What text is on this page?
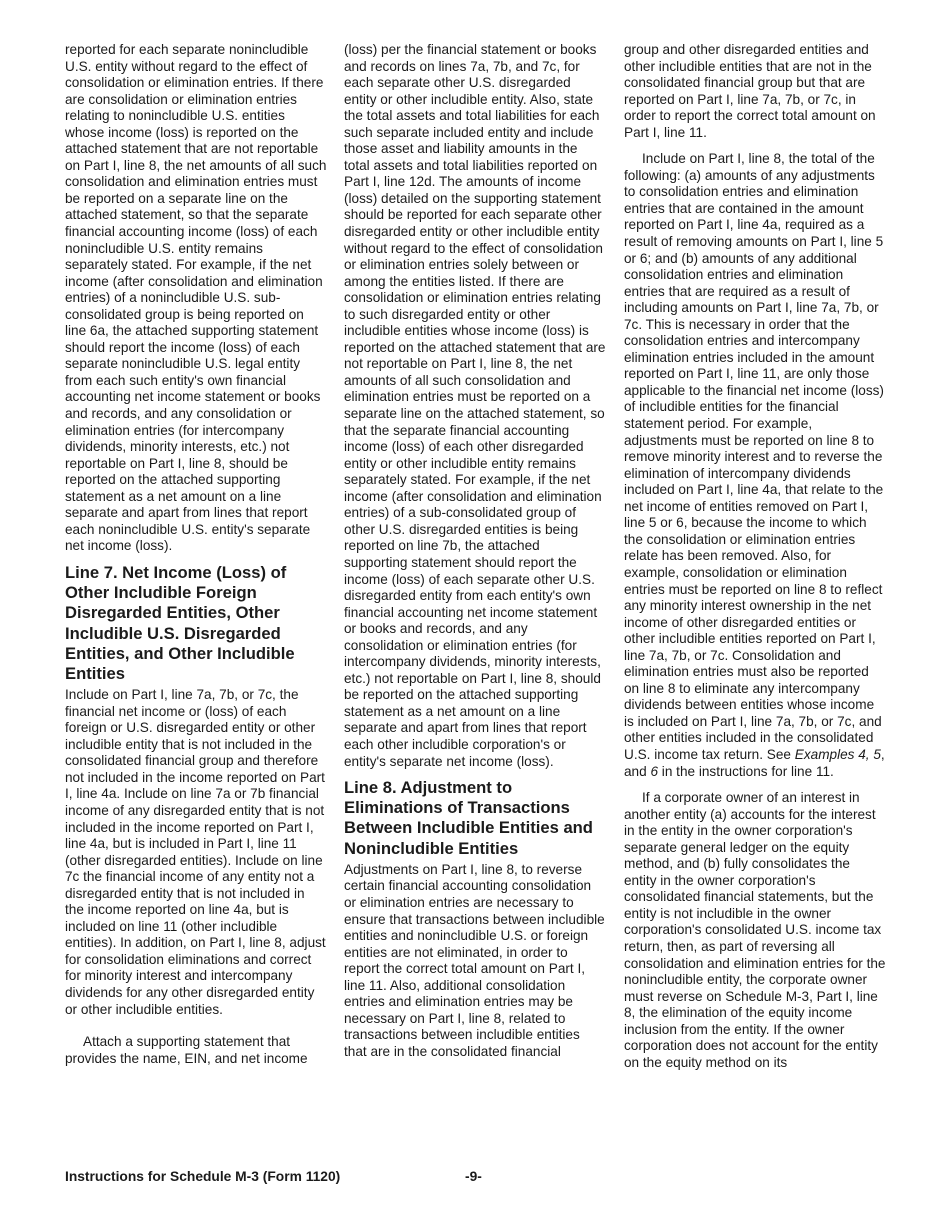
reported for each separate nonincludible U.S. entity without regard to the effect of consolidation or elimination entries. If there are consolidation or elimination entries relating to nonincludible U.S. entities whose income (loss) is reported on the attached statement that are not reportable on Part I, line 8, the net amounts of all such consolidation and elimination entries must be reported on a separate line on the attached statement, so that the separate financial accounting income (loss) of each nonincludible U.S. entity remains separately stated. For example, if the net income (after consolidation and elimination entries) of a nonincludible U.S. sub-consolidated group is being reported on line 6a, the attached supporting statement should report the income (loss) of each separate nonincludible U.S. legal entity from each such entity's own financial accounting net income statement or books and records, and any consolidation or elimination entries (for intercompany dividends, minority interests, etc.) not reportable on Part I, line 8, should be reported on the attached supporting statement as a net amount on a line separate and apart from lines that report each nonincludible U.S. entity's separate net income (loss).

Line 7. Net Income (Loss) of Other Includible Foreign Disregarded Entities, Other Includible U.S. Disregarded Entities, and Other Includible Entities

Include on Part I, line 7a, 7b, or 7c, the financial net income or (loss) of each foreign or U.S. disregarded entity or other includible entity that is not included in the consolidated financial group and therefore not included in the income reported on Part I, line 4a. Include on line 7a or 7b financial income of any disregarded entity that is not included in the income reported on Part I, line 4a, but is included in Part I, line 11 (other disregarded entities). Include on line 7c the financial income of any entity not a disregarded entity that is not included in the income reported on line 4a, but is included on line 11 (other includible entities). In addition, on Part I, line 8, adjust for consolidation eliminations and correct for minority interest and intercompany dividends for any other disregarded entity or other includible entities.

Attach a supporting statement that provides the name, EIN, and net income

(loss) per the financial statement or books and records on lines 7a, 7b, and 7c, for each separate other U.S. disregarded entity or other includible entity. Also, state the total assets and total liabilities for each such separate included entity and include those asset and liability amounts in the total assets and total liabilities reported on Part I, line 12d. The amounts of income (loss) detailed on the supporting statement should be reported for each separate other disregarded entity or other includible entity without regard to the effect of consolidation or elimination entries solely between or among the entities listed. If there are consolidation or elimination entries relating to such disregarded entity or other includible entities whose income (loss) is reported on the attached statement that are not reportable on Part I, line 8, the net amounts of all such consolidation and elimination entries must be reported on a separate line on the attached statement, so that the separate financial accounting income (loss) of each other disregarded entity or other includible entity remains separately stated. For example, if the net income (after consolidation and elimination entries) of a sub-consolidated group of other U.S. disregarded entities is being reported on line 7b, the attached supporting statement should report the income (loss) of each separate other U.S. disregarded entity from each entity's own financial accounting net income statement or books and records, and any consolidation or elimination entries (for intercompany dividends, minority interests, etc.) not reportable on Part I, line 8, should be reported on the attached supporting statement as a net amount on a line separate and apart from lines that report each other includible corporation's or entity's separate net income (loss).

Line 8. Adjustment to Eliminations of Transactions Between Includible Entities and Nonincludible Entities

Adjustments on Part I, line 8, to reverse certain financial accounting consolidation or elimination entries are necessary to ensure that transactions between includible entities and nonincludible U.S. or foreign entities are not eliminated, in order to report the correct total amount on Part I, line 11. Also, additional consolidation entries and elimination entries may be necessary on Part I, line 8, related to transactions between includible entities that are in the consolidated financial

group and other disregarded entities and other includible entities that are not in the consolidated financial group but that are reported on Part I, line 7a, 7b, or 7c, in order to report the correct total amount on Part I, line 11.

Include on Part I, line 8, the total of the following: (a) amounts of any adjustments to consolidation entries and elimination entries that are contained in the amount reported on Part I, line 4a, required as a result of removing amounts on Part I, line 5 or 6; and (b) amounts of any additional consolidation entries and elimination entries that are required as a result of including amounts on Part I, line 7a, 7b, or 7c. This is necessary in order that the consolidation entries and intercompany elimination entries included in the amount reported on Part I, line 11, are only those applicable to the financial net income (loss) of includible entities for the financial statement period. For example, adjustments must be reported on line 8 to remove minority interest and to reverse the elimination of intercompany dividends included on Part I, line 4a, that relate to the net income of entities removed on Part I, line 5 or 6, because the income to which the consolidation or elimination entries relate has been removed. Also, for example, consolidation or elimination entries must be reported on line 8 to reflect any minority interest ownership in the net income of other disregarded entities or other includible entities reported on Part I, line 7a, 7b, or 7c. Consolidation and elimination entries must also be reported on line 8 to eliminate any intercompany dividends between entities whose income is included on Part I, line 7a, 7b, or 7c, and other entities included in the consolidated U.S. income tax return. See Examples 4, 5, and 6 in the instructions for line 11.

If a corporate owner of an interest in another entity (a) accounts for the interest in the entity in the owner corporation's separate general ledger on the equity method, and (b) fully consolidates the entity in the owner corporation's consolidated financial statements, but the entity is not includible in the owner corporation's consolidated U.S. income tax return, then, as part of reversing all consolidation and elimination entries for the nonincludible entity, the corporate owner must reverse on Schedule M-3, Part I, line 8, the elimination of the equity income inclusion from the entity. If the owner corporation does not account for the entity on the equity method on its

Instructions for Schedule M-3 (Form 1120)	-9-
